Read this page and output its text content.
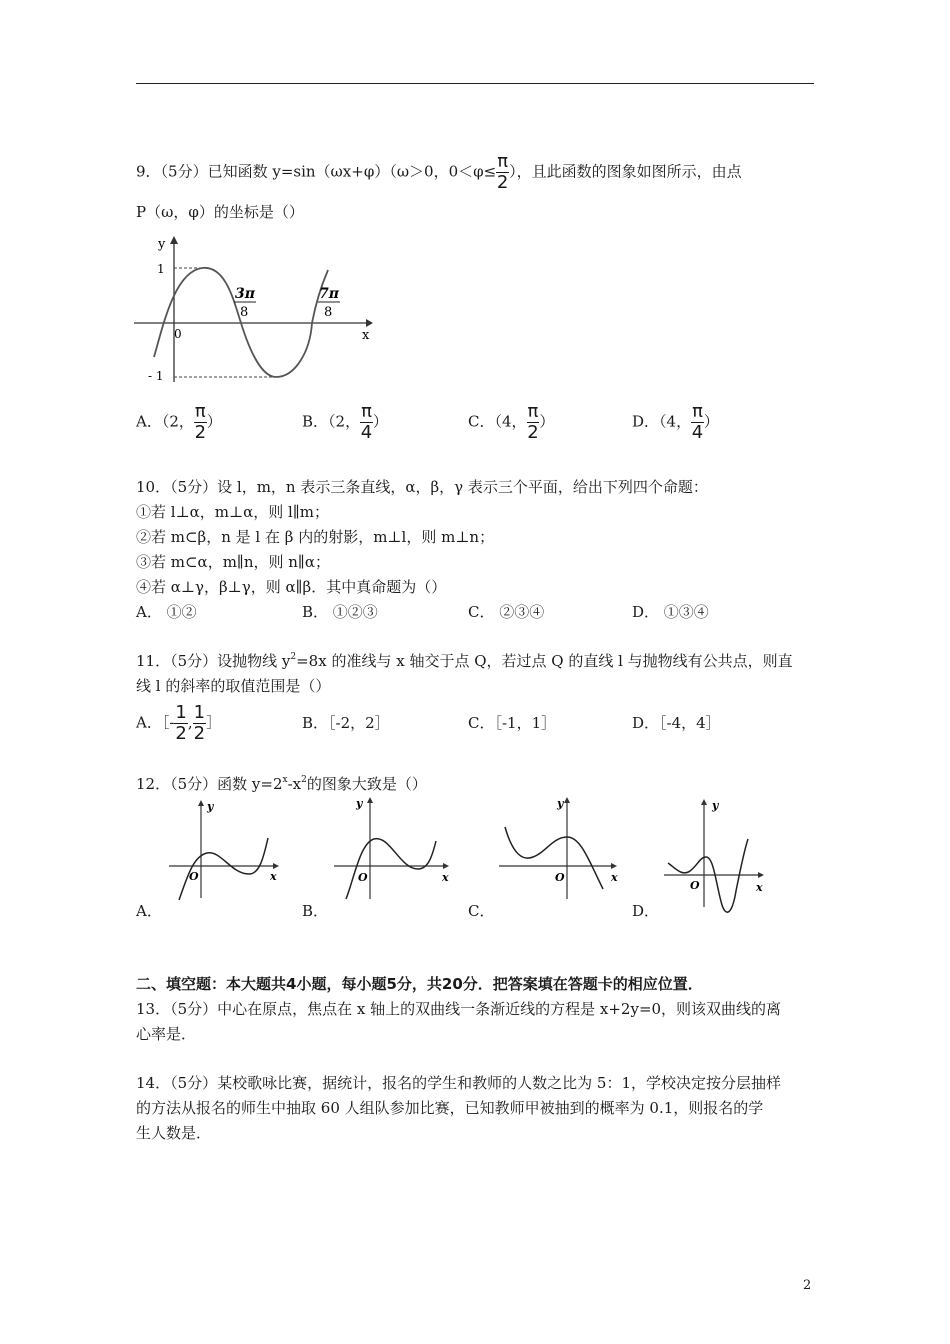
9．（5分）已知函数 y=sin（ωx+φ）（ω＞0，$0<\varphi\le \frac{\pi}{2}$ ），且此函数的图象如图所示，由点
P（ω，φ）的坐标是（）
y
x
0
1
- 1
3π
8
7π
8
A．（2， $\frac{\pi}{2}$ ）	B．（2， $\frac{\pi}{4}$ ）	C．（4， $\frac{\pi}{2}$ ）	D．（4， $\frac{\pi}{4}$ ）
10．（5分）设 l，m，n 表示三条直线，α，β，γ 表示三个平面，给出下列四个命题：
①若 l⊥α，m⊥α，则 l∥m；
②若 m⊂β，n 是 l 在 β 内的射影，m⊥l，则 m⊥n；
③若 m⊂α，m∥n，则 n∥α；
④若 α⊥γ，β⊥γ，则 α∥β．其中真命题为（）
A． ①②	B． ①②③	C． ②③④	D． ①③④
11．（5分）设抛物线 $y^2=8x$ 的准线与 x 轴交于点 Q，若过点 Q 的直线 l 与抛物线有公共点，则直
线 l 的斜率的取值范围是（）
A．［- $\frac{1}{2}$ , $\frac{1}{2}$ ］	B．［-2，2］	C．［-1，1］	D．［-4，4］
12．（5分）函数 $y=2^x-x^2$的图象大致是（）
y
x
O
y
x
O
y
x
O
y
x
O
A．	B．	C．	D．
二、填空题：本大题共4小题，每小题5分，共20分．把答案填在答题卡的相应位置．
13．（5分）中心在原点，焦点在 x 轴上的双曲线一条渐近线的方程是 x+2y=0，则该双曲线的离
心率是．
14．（5分）某校歌咏比赛，据统计，报名的学生和教师的人数之比为 5：1，学校决定按分层抽样
的方法从报名的师生中抽取 60 人组队参加比赛，已知教师甲被抽到的概率为 0.1，则报名的学
生人数是．
2
